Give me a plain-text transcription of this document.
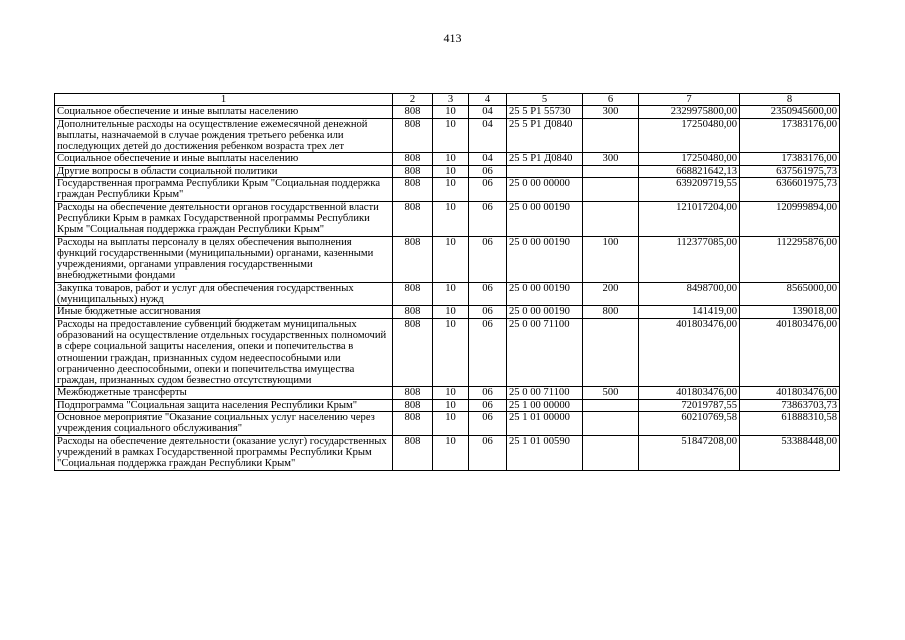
413
1	2	3	4	5	6	7	8
Социальное обеспечение и иные выплаты населению	808	10	04	25 5 P1 55730	300	2329975800,00	2350945600,00
Дополнительные расходы на осуществление ежемесячной денежной выплаты, назначаемой в случае рождения третьего ребенка или последующих детей до достижения ребенком возраста трех лет	808	10	04	25 5 P1 Д0840		17250480,00	17383176,00
Социальное обеспечение и иные выплаты населению	808	10	04	25 5 P1 Д0840	300	17250480,00	17383176,00
Другие вопросы в области социальной политики	808	10	06			668821642,13	637561975,73
Государственная программа Республики Крым "Социальная поддержка граждан Республики Крым"	808	10	06	25 0 00 00000		639209719,55	636601975,73
Расходы на обеспечение деятельности органов государственной власти Республики Крым в рамках Государственной программы Республики Крым "Социальная поддержка граждан Республики Крым"	808	10	06	25 0 00 00190		121017204,00	120999894,00
Расходы на выплаты персоналу в целях обеспечения выполнения функций государственными (муниципальными) органами, казенными учреждениями, органами управления государственными внебюджетными фондами	808	10	06	25 0 00 00190	100	112377085,00	112295876,00
Закупка товаров, работ и услуг для обеспечения государственных (муниципальных) нужд	808	10	06	25 0 00 00190	200	8498700,00	8565000,00
Иные бюджетные ассигнования	808	10	06	25 0 00 00190	800	141419,00	139018,00
Расходы на предоставление субвенций бюджетам муниципальных образований на осуществление отдельных государственных полномочий в сфере социальной защиты населения, опеки и попечительства в отношении граждан, признанных судом недееспособными или ограниченно дееспособными, опеки и попечительства имущества граждан, признанных судом безвестно отсутствующими	808	10	06	25 0 00 71100		401803476,00	401803476,00
Межбюджетные трансферты	808	10	06	25 0 00 71100	500	401803476,00	401803476,00
Подпрограмма "Социальная защита населения Республики Крым"	808	10	06	25 1 00 00000		72019787,55	73863703,73
Основное мероприятие "Оказание социальных услуг населению через учреждения социального обслуживания"	808	10	06	25 1 01 00000		60210769,58	61888310,58
Расходы на обеспечение деятельности (оказание услуг) государственных учреждений в рамках Государственной программы Республики Крым "Социальная поддержка граждан Республики Крым"	808	10	06	25 1 01 00590		51847208,00	53388448,00
